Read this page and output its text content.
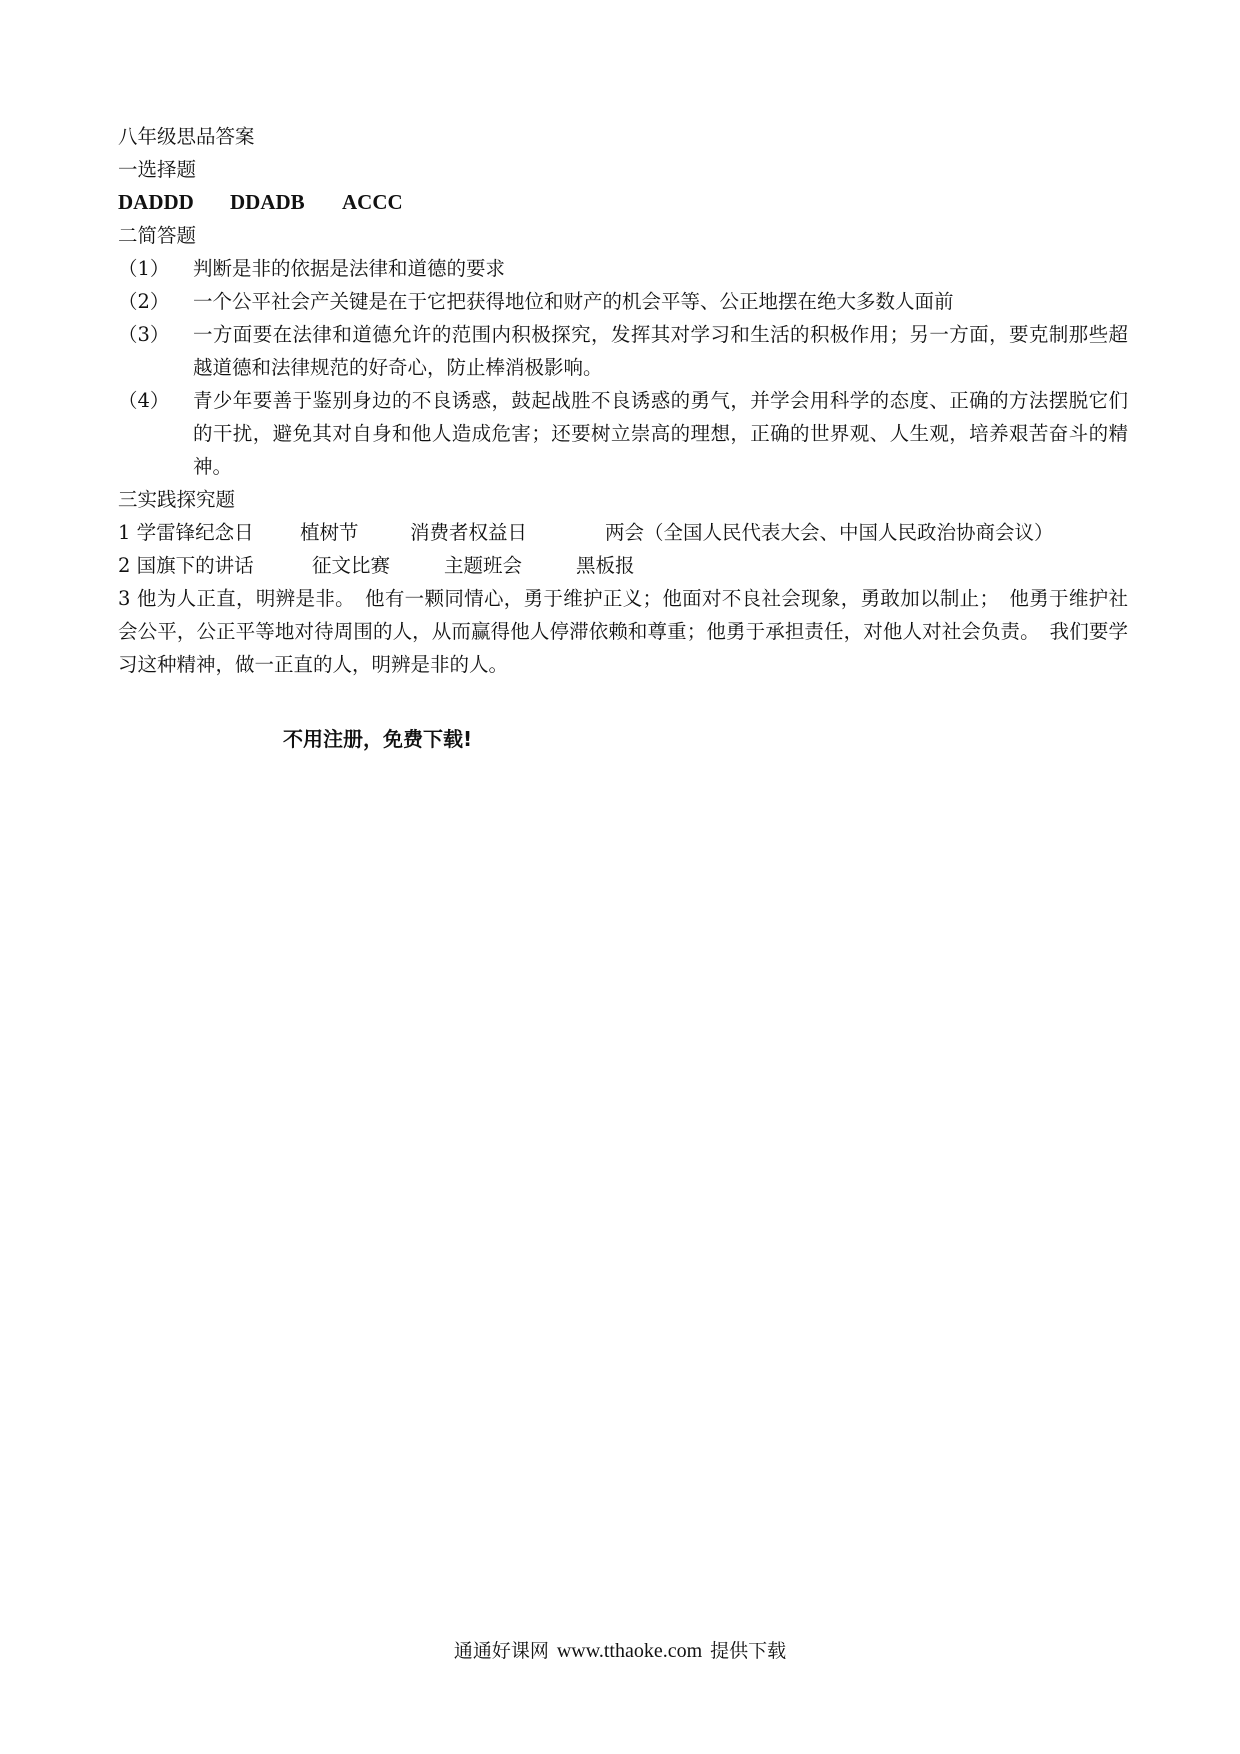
八年级思品答案
一选择题
DADDD DDADB ACCC
二简答题
（1） 判断是非的依据是法律和道德的要求
（2） 一个公平社会产关键是在于它把获得地位和财产的机会平等、公正地摆在绝大多数人面前
（3） 一方面要在法律和道德允许的范围内积极探究，发挥其对学习和生活的积极作用；另一方面，要克制那些超越道德和法律规范的好奇心，防止棒消极影响。
（4） 青少年要善于鉴别身边的不良诱惑，鼓起战胜不良诱惑的勇气，并学会用科学的态度、正确的方法摆脱它们的干扰，避免其对自身和他人造成危害；还要树立崇高的理想，正确的世界观、人生观，培养艰苦奋斗的精神。
三实践探究题
1 学雷锋纪念日 植树节	消费者权益日	两会（全国人民代表大会、中国人民政治协商会议）
2 国旗下的讲话	征文比赛	主题班会	黑板报
3 他为人正直，明辨是非。　他有一颗同情心，勇于维护正义；他面对不良社会现象，勇敢加以制止；　他勇于维护社会公平，公正平等地对待周围的人，从而赢得他人停滞依赖和尊重；他勇于承担责任，对他人对社会负责。　我们要学习这种精神，做一正直的人，明辨是非的人。
不用注册，免费下载!
通通好课网 www.tthaoke.com 提供下载
